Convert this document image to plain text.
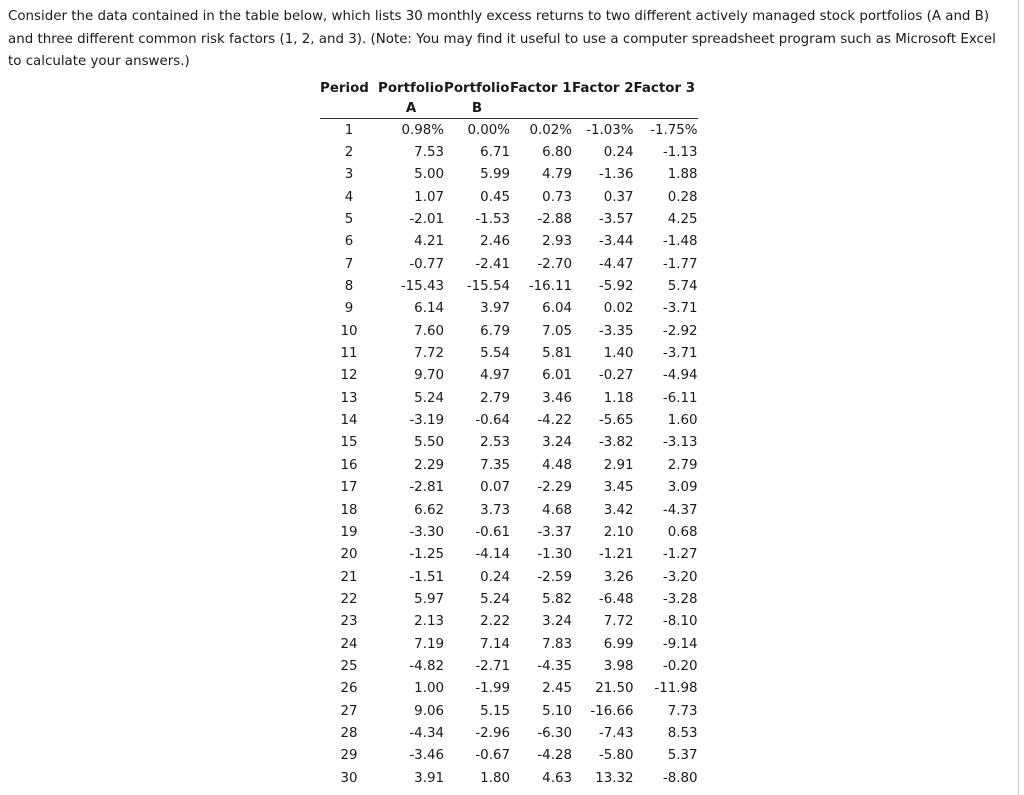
Consider the data contained in the table below, which lists 30 monthly excess returns to two different actively managed stock portfolios (A and B) and three different common risk factors (1, 2, and 3). (Note: You may find it useful to use a computer spreadsheet program such as Microsoft Excel to calculate your answers.)

Period	Portfolio	Portfolio	Factor 1	Factor 2	Factor 3
	A	B			
1	0.98%	0.00%	0.02%	-1.03%	-1.75%
2	7.53	6.71	6.80	0.24	-1.13
3	5.00	5.99	4.79	-1.36	1.88
4	1.07	0.45	0.73	0.37	0.28
5	-2.01	-1.53	-2.88	-3.57	4.25
6	4.21	2.46	2.93	-3.44	-1.48
7	-0.77	-2.41	-2.70	-4.47	-1.77
8	-15.43	-15.54	-16.11	-5.92	5.74
9	6.14	3.97	6.04	0.02	-3.71
10	7.60	6.79	7.05	-3.35	-2.92
11	7.72	5.54	5.81	1.40	-3.71
12	9.70	4.97	6.01	-0.27	-4.94
13	5.24	2.79	3.46	1.18	-6.11
14	-3.19	-0.64	-4.22	-5.65	1.60
15	5.50	2.53	3.24	-3.82	-3.13
16	2.29	7.35	4.48	2.91	2.79
17	-2.81	0.07	-2.29	3.45	3.09
18	6.62	3.73	4.68	3.42	-4.37
19	-3.30	-0.61	-3.37	2.10	0.68
20	-1.25	-4.14	-1.30	-1.21	-1.27
21	-1.51	0.24	-2.59	3.26	-3.20
22	5.97	5.24	5.82	-6.48	-3.28
23	2.13	2.22	3.24	7.72	-8.10
24	7.19	7.14	7.83	6.99	-9.14
25	-4.82	-2.71	-4.35	3.98	-0.20
26	1.00	-1.99	2.45	21.50	-11.98
27	9.06	5.15	5.10	-16.66	7.73
28	-4.34	-2.96	-6.30	-7.43	8.53
29	-3.46	-0.67	-4.28	-5.80	5.37
30	3.91	1.80	4.63	13.32	-8.80
